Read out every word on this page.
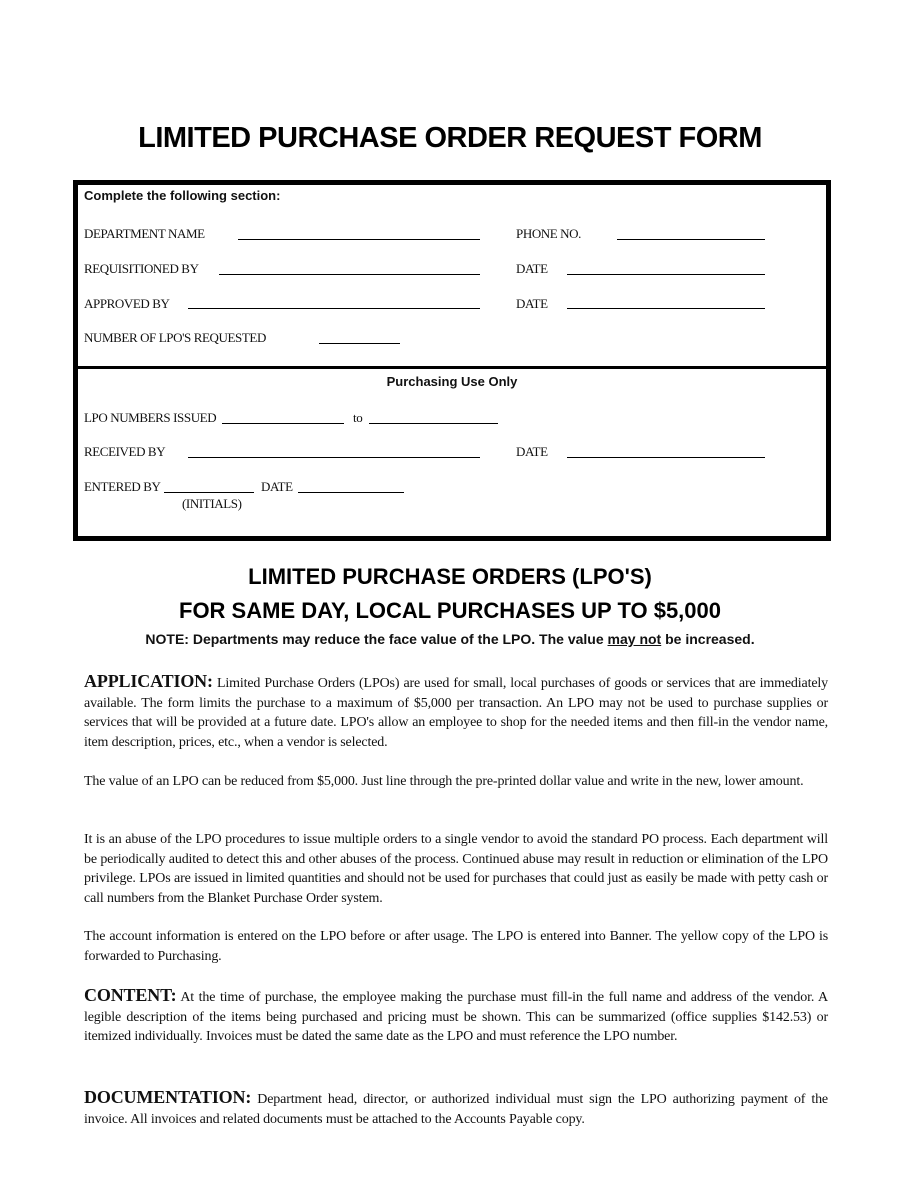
LIMITED PURCHASE ORDER REQUEST FORM
Complete the following section:
DEPARTMENT NAME	PHONE NO.
REQUISITIONED BY	DATE
APPROVED BY	DATE
NUMBER OF LPO'S REQUESTED
Purchasing Use Only
LPO NUMBERS ISSUED	to
RECEIVED BY	DATE
ENTERED BY	DATE
(INITIALS)
LIMITED PURCHASE ORDERS (LPO'S)
FOR SAME DAY, LOCAL PURCHASES UP TO $5,000
NOTE: Departments may reduce the face value of the LPO. The value may not be increased.
APPLICATION: Limited Purchase Orders (LPOs) are used for small, local purchases of goods or services that are immediately available. The form limits the purchase to a maximum of $5,000 per transaction. An LPO may not be used to purchase supplies or services that will be provided at a future date. LPO's allow an employee to shop for the needed items and then fill-in the vendor name, item description, prices, etc., when a vendor is selected.
The value of an LPO can be reduced from $5,000. Just line through the pre-printed dollar value and write in the new, lower amount.
It is an abuse of the LPO procedures to issue multiple orders to a single vendor to avoid the standard PO process. Each department will be periodically audited to detect this and other abuses of the process. Continued abuse may result in reduction or elimination of the LPO privilege. LPOs are issued in limited quantities and should not be used for purchases that could just as easily be made with petty cash or call numbers from the Blanket Purchase Order system.
The account information is entered on the LPO before or after usage. The LPO is entered into Banner. The yellow copy of the LPO is forwarded to Purchasing.
CONTENT: At the time of purchase, the employee making the purchase must fill-in the full name and address of the vendor. A legible description of the items being purchased and pricing must be shown. This can be summarized (office supplies $142.53) or itemized individually. Invoices must be dated the same date as the LPO and must reference the LPO number.
DOCUMENTATION: Department head, director, or authorized individual must sign the LPO authorizing payment of the invoice. All invoices and related documents must be attached to the Accounts Payable copy.
